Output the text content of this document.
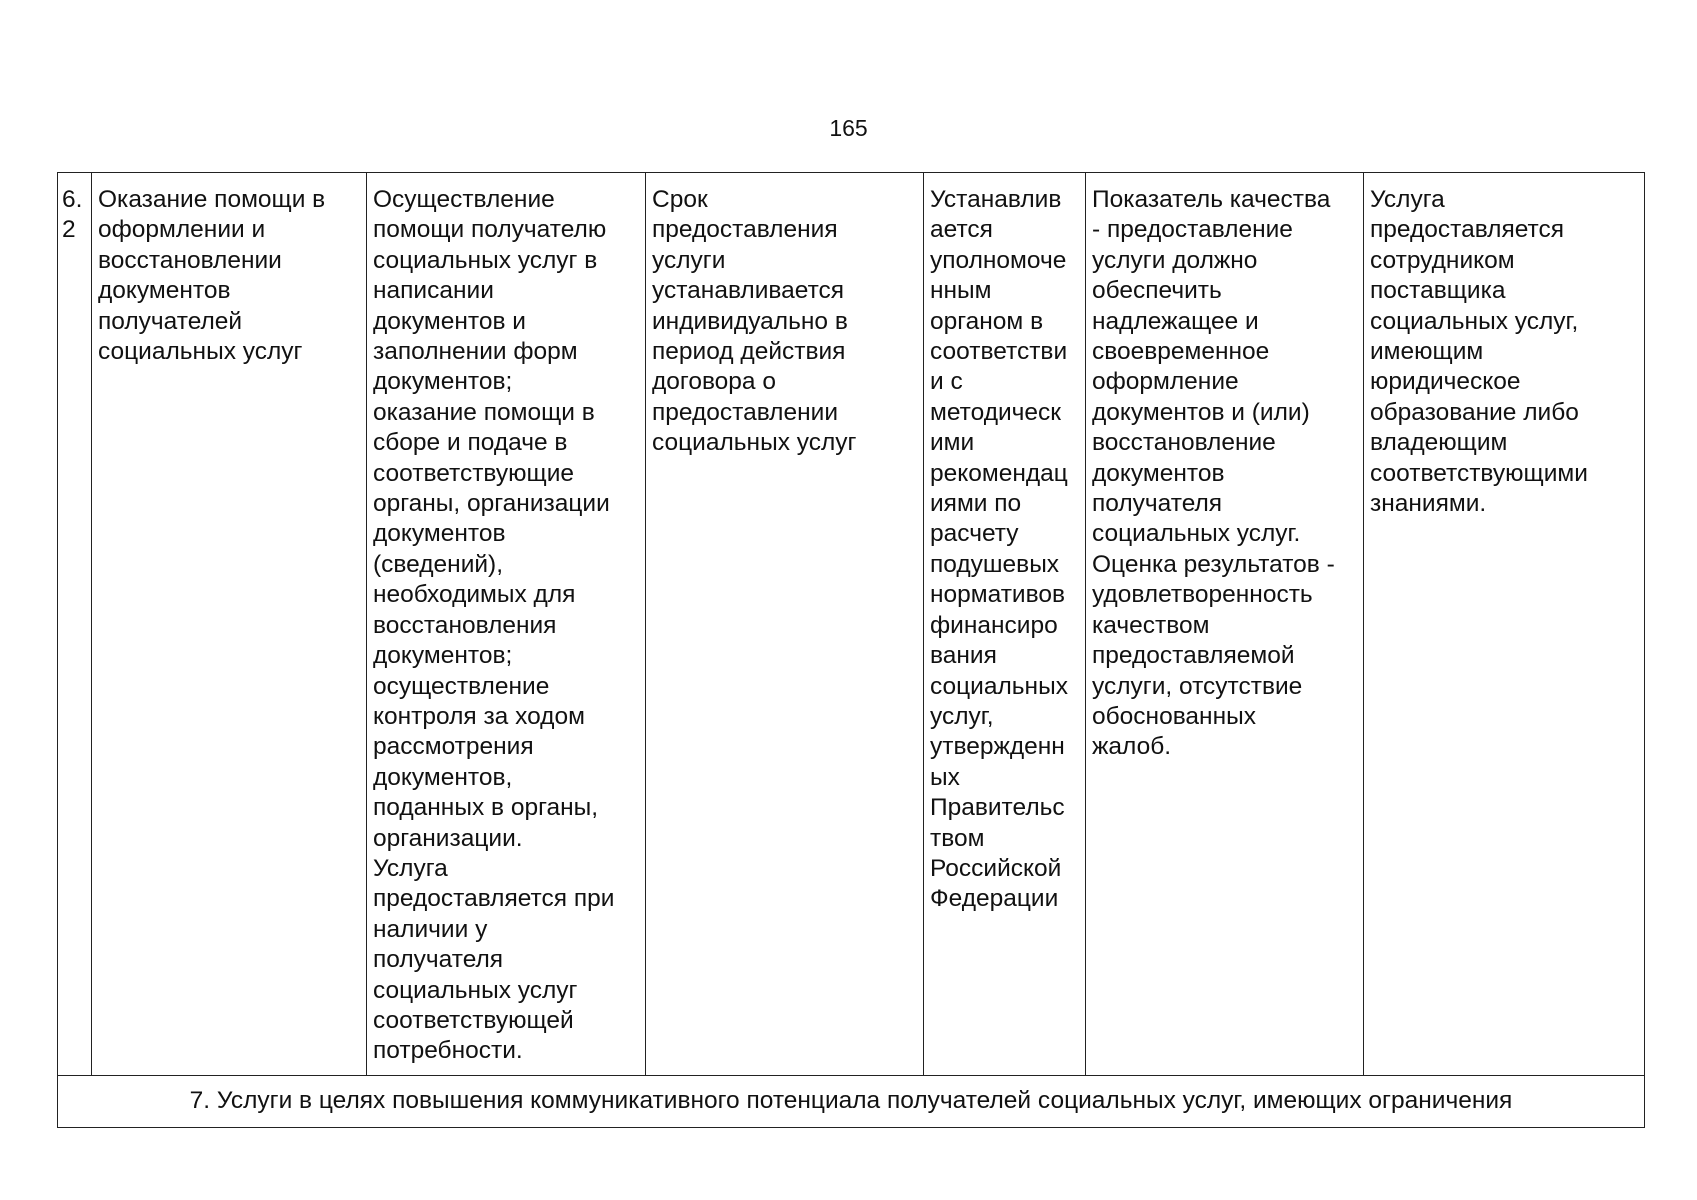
165
6.
2	Оказание помощи в
оформлении и
восстановлении
документов
получателей
социальных услуг	Осуществление
помощи получателю
социальных услуг в
написании
документов и
заполнении форм
документов;
оказание помощи в
сборе и подаче в
соответствующие
органы, организации
документов
(сведений),
необходимых для
восстановления
документов;
осуществление
контроля за ходом
рассмотрения
документов,
поданных в органы,
организации.
Услуга
предоставляется при
наличии у
получателя
социальных услуг
соответствующей
потребности.	Срок
предоставления
услуги
устанавливается
индивидуально в
период действия
договора о
предоставлении
социальных услуг	Устанавлив
ается
уполномоче
нным
органом в
соответстви
и с
методическ
ими
рекомендац
иями по
расчету
подушевых
нормативов
финансиро
вания
социальных
услуг,
утвержденн
ых
Правительс
твом
Российской
Федерации	Показатель качества
- предоставление
услуги должно
обеспечить
надлежащее и
своевременное
оформление
документов и (или)
восстановление
документов
получателя
социальных услуг.
Оценка результатов -
удовлетворенность
качеством
предоставляемой
услуги, отсутствие
обоснованных
жалоб.	Услуга
предоставляется
сотрудником
поставщика
социальных услуг,
имеющим
юридическое
образование либо
владеющим
соответствующими
знаниями.
7. Услуги в целях повышения коммуникативного потенциала получателей социальных услуг, имеющих ограничения
